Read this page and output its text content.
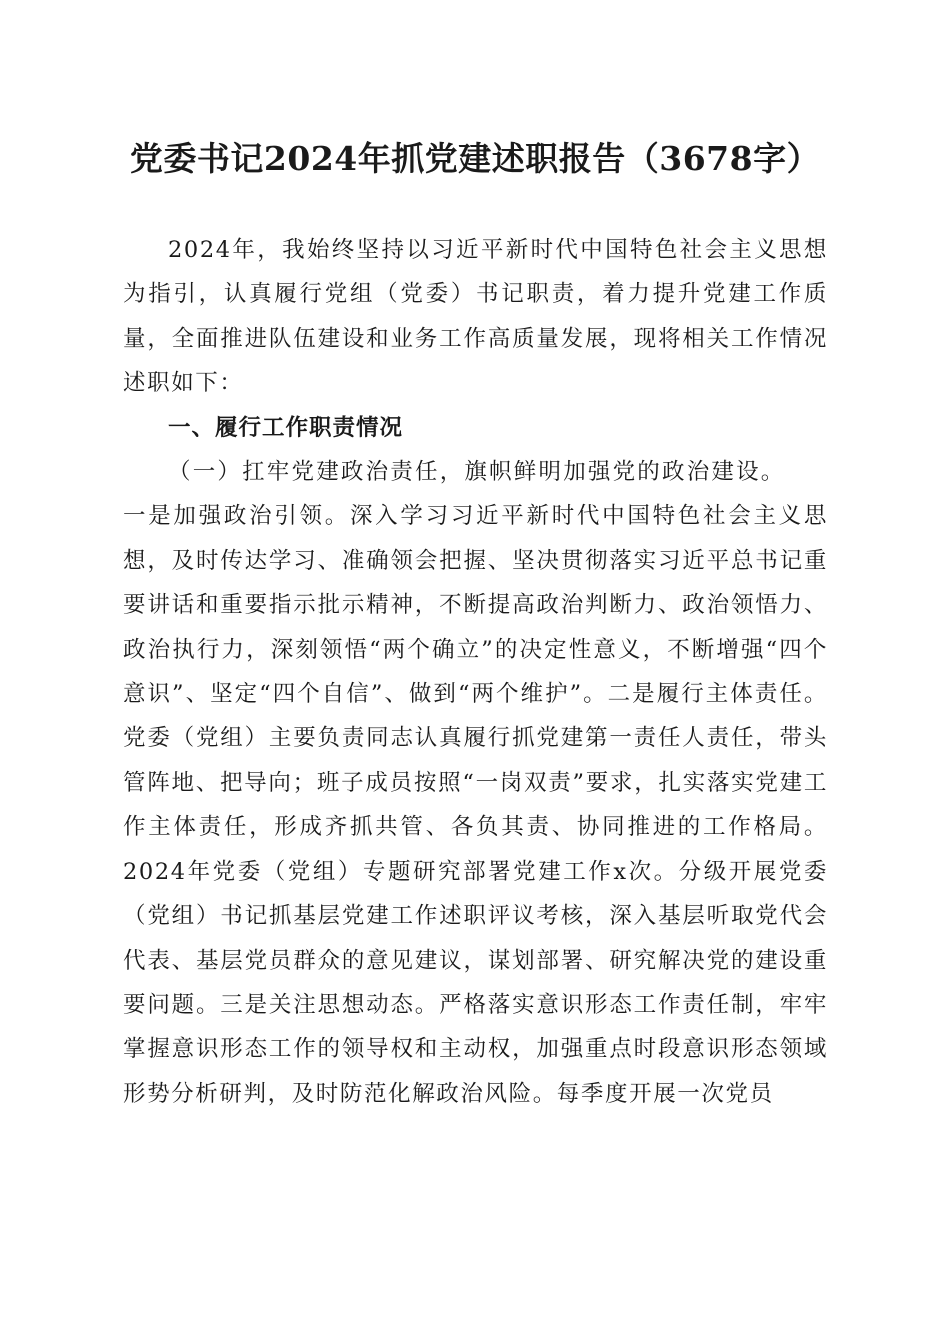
党委书记2024年抓党建述职报告（3678字）

2024年，我始终坚持以习近平新时代中国特色社会主义思想为指引，认真履行党组（党委）书记职责，着力提升党建工作质量，全面推进队伍建设和业务工作高质量发展，现将相关工作情况述职如下：

一、履行工作职责情况

（一）扛牢党建政治责任，旗帜鲜明加强党的政治建设。

一是加强政治引领。深入学习习近平新时代中国特色社会主义思想，及时传达学习、准确领会把握、坚决贯彻落实习近平总书记重要讲话和重要指示批示精神，不断提高政治判断力、政治领悟力、政治执行力，深刻领悟“两个确立”的决定性意义，不断增强“四个意识”、坚定“四个自信”、做到“两个维护”。二是履行主体责任。党委（党组）主要负责同志认真履行抓党建第一责任人责任，带头管阵地、把导向；班子成员按照“一岗双责”要求，扎实落实党建工作主体责任，形成齐抓共管、各负其责、协同推进的工作格局。2024年党委（党组）专题研究部署党建工作x次。分级开展党委（党组）书记抓基层党建工作述职评议考核，深入基层听取党代会代表、基层党员群众的意见建议，谋划部署、研究解决党的建设重要问题。三是关注思想动态。严格落实意识形态工作责任制，牢牢掌握意识形态工作的领导权和主动权，加强重点时段意识形态领域形势分析研判，及时防范化解政治风险。每季度开展一次党员
